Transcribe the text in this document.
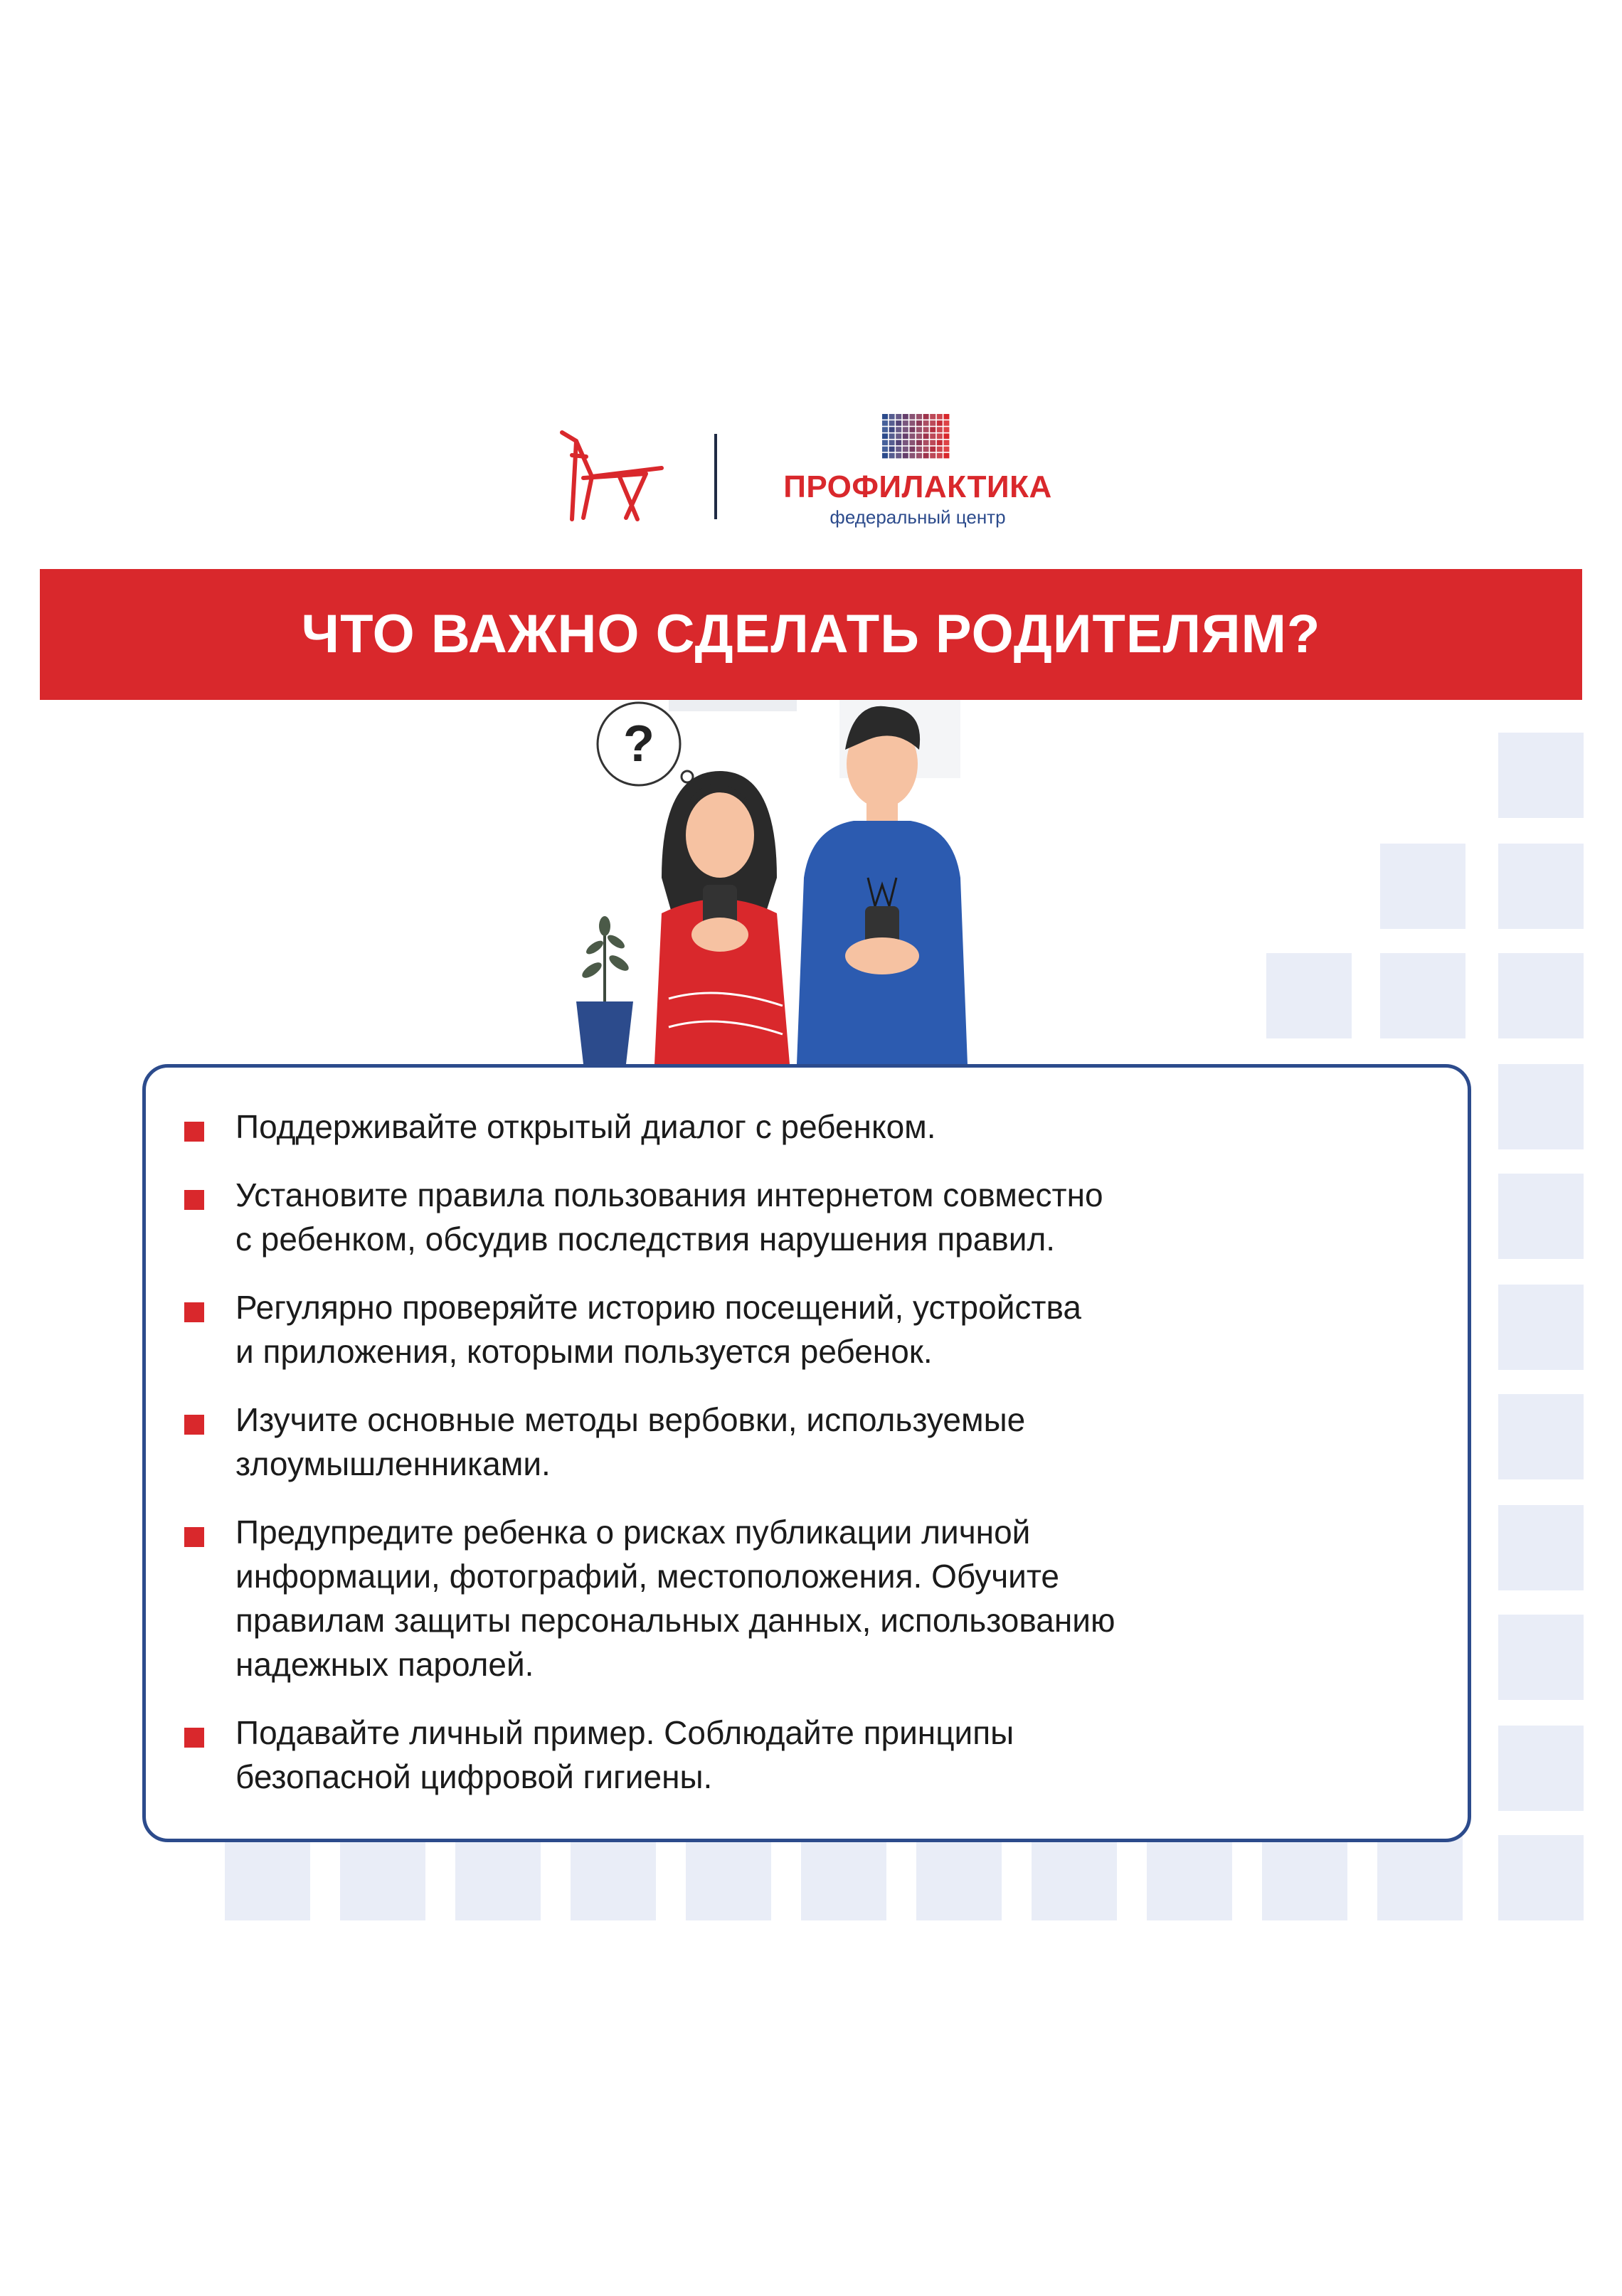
ПРОФИЛАКТИКА
федеральный центр
ЧТО ВАЖНО СДЕЛАТЬ РОДИТЕЛЯМ?
?
Поддерживайте открытый диалог с ребенком.
Установите правила пользования интернетом совместно
с ребенком, обсудив последствия нарушения правил.
Регулярно проверяйте историю посещений, устройства
и приложения, которыми пользуется ребенок.
Изучите основные методы вербовки, используемые
злоумышленниками.
Предупредите ребенка о рисках публикации личной
информации, фотографий, местоположения. Обучите
правилам защиты персональных данных, использованию
надежных паролей.
Подавайте личный пример. Соблюдайте принципы
безопасной цифровой гигиены.
